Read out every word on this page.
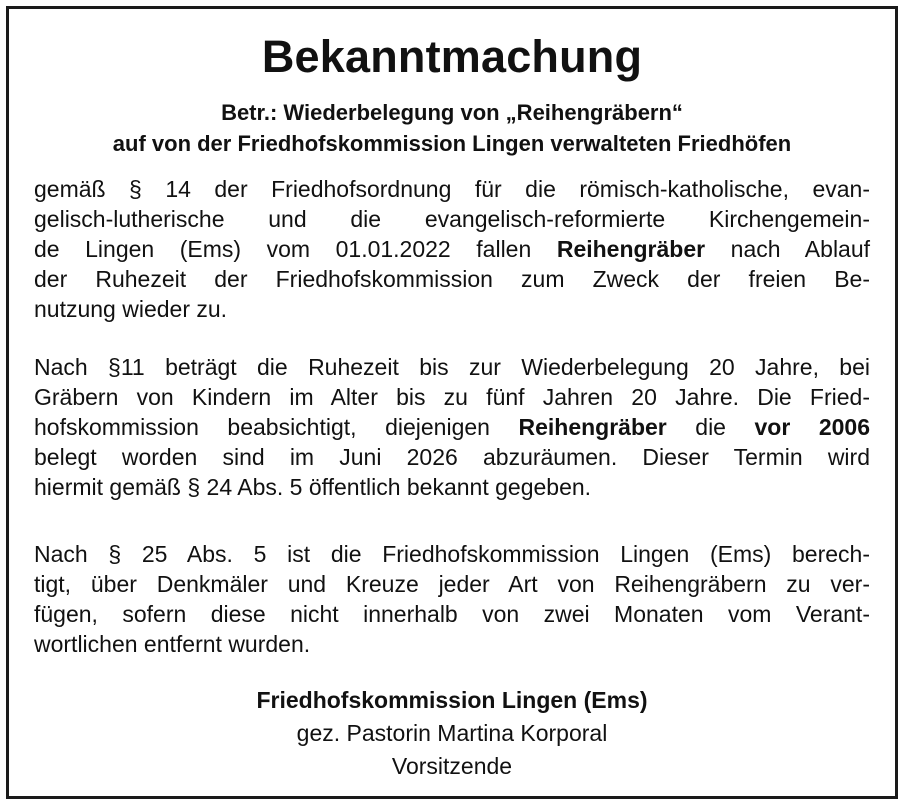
Bekanntmachung
Betr.: Wiederbelegung von „Reihengräbern“
auf von der Friedhofskommission Lingen verwalteten Friedhöfen
gemäß § 14 der Friedhofsordnung für die römisch-katholische, evan-
gelisch-lutherische und die evangelisch-reformierte Kirchengemein-
de Lingen (Ems) vom 01.01.2022 fallen Reihengräber nach Ablauf
der Ruhezeit der Friedhofskommission zum Zweck der freien Be-
nutzung wieder zu.
Nach §11 beträgt die Ruhezeit bis zur Wiederbelegung 20 Jahre, bei
Gräbern von Kindern im Alter bis zu fünf Jahren 20 Jahre. Die Fried-
hofskommission beabsichtigt, diejenigen Reihengräber die vor 2006
belegt worden sind im Juni 2026 abzuräumen. Dieser Termin wird
hiermit gemäß § 24 Abs. 5 öffentlich bekannt gegeben.
Nach § 25 Abs. 5 ist die Friedhofskommission Lingen (Ems) berech-
tigt, über Denkmäler und Kreuze jeder Art von Reihengräbern zu ver-
fügen, sofern diese nicht innerhalb von zwei Monaten vom Verant-
wortlichen entfernt wurden.
Friedhofskommission Lingen (Ems)
gez. Pastorin Martina Korporal
Vorsitzende
